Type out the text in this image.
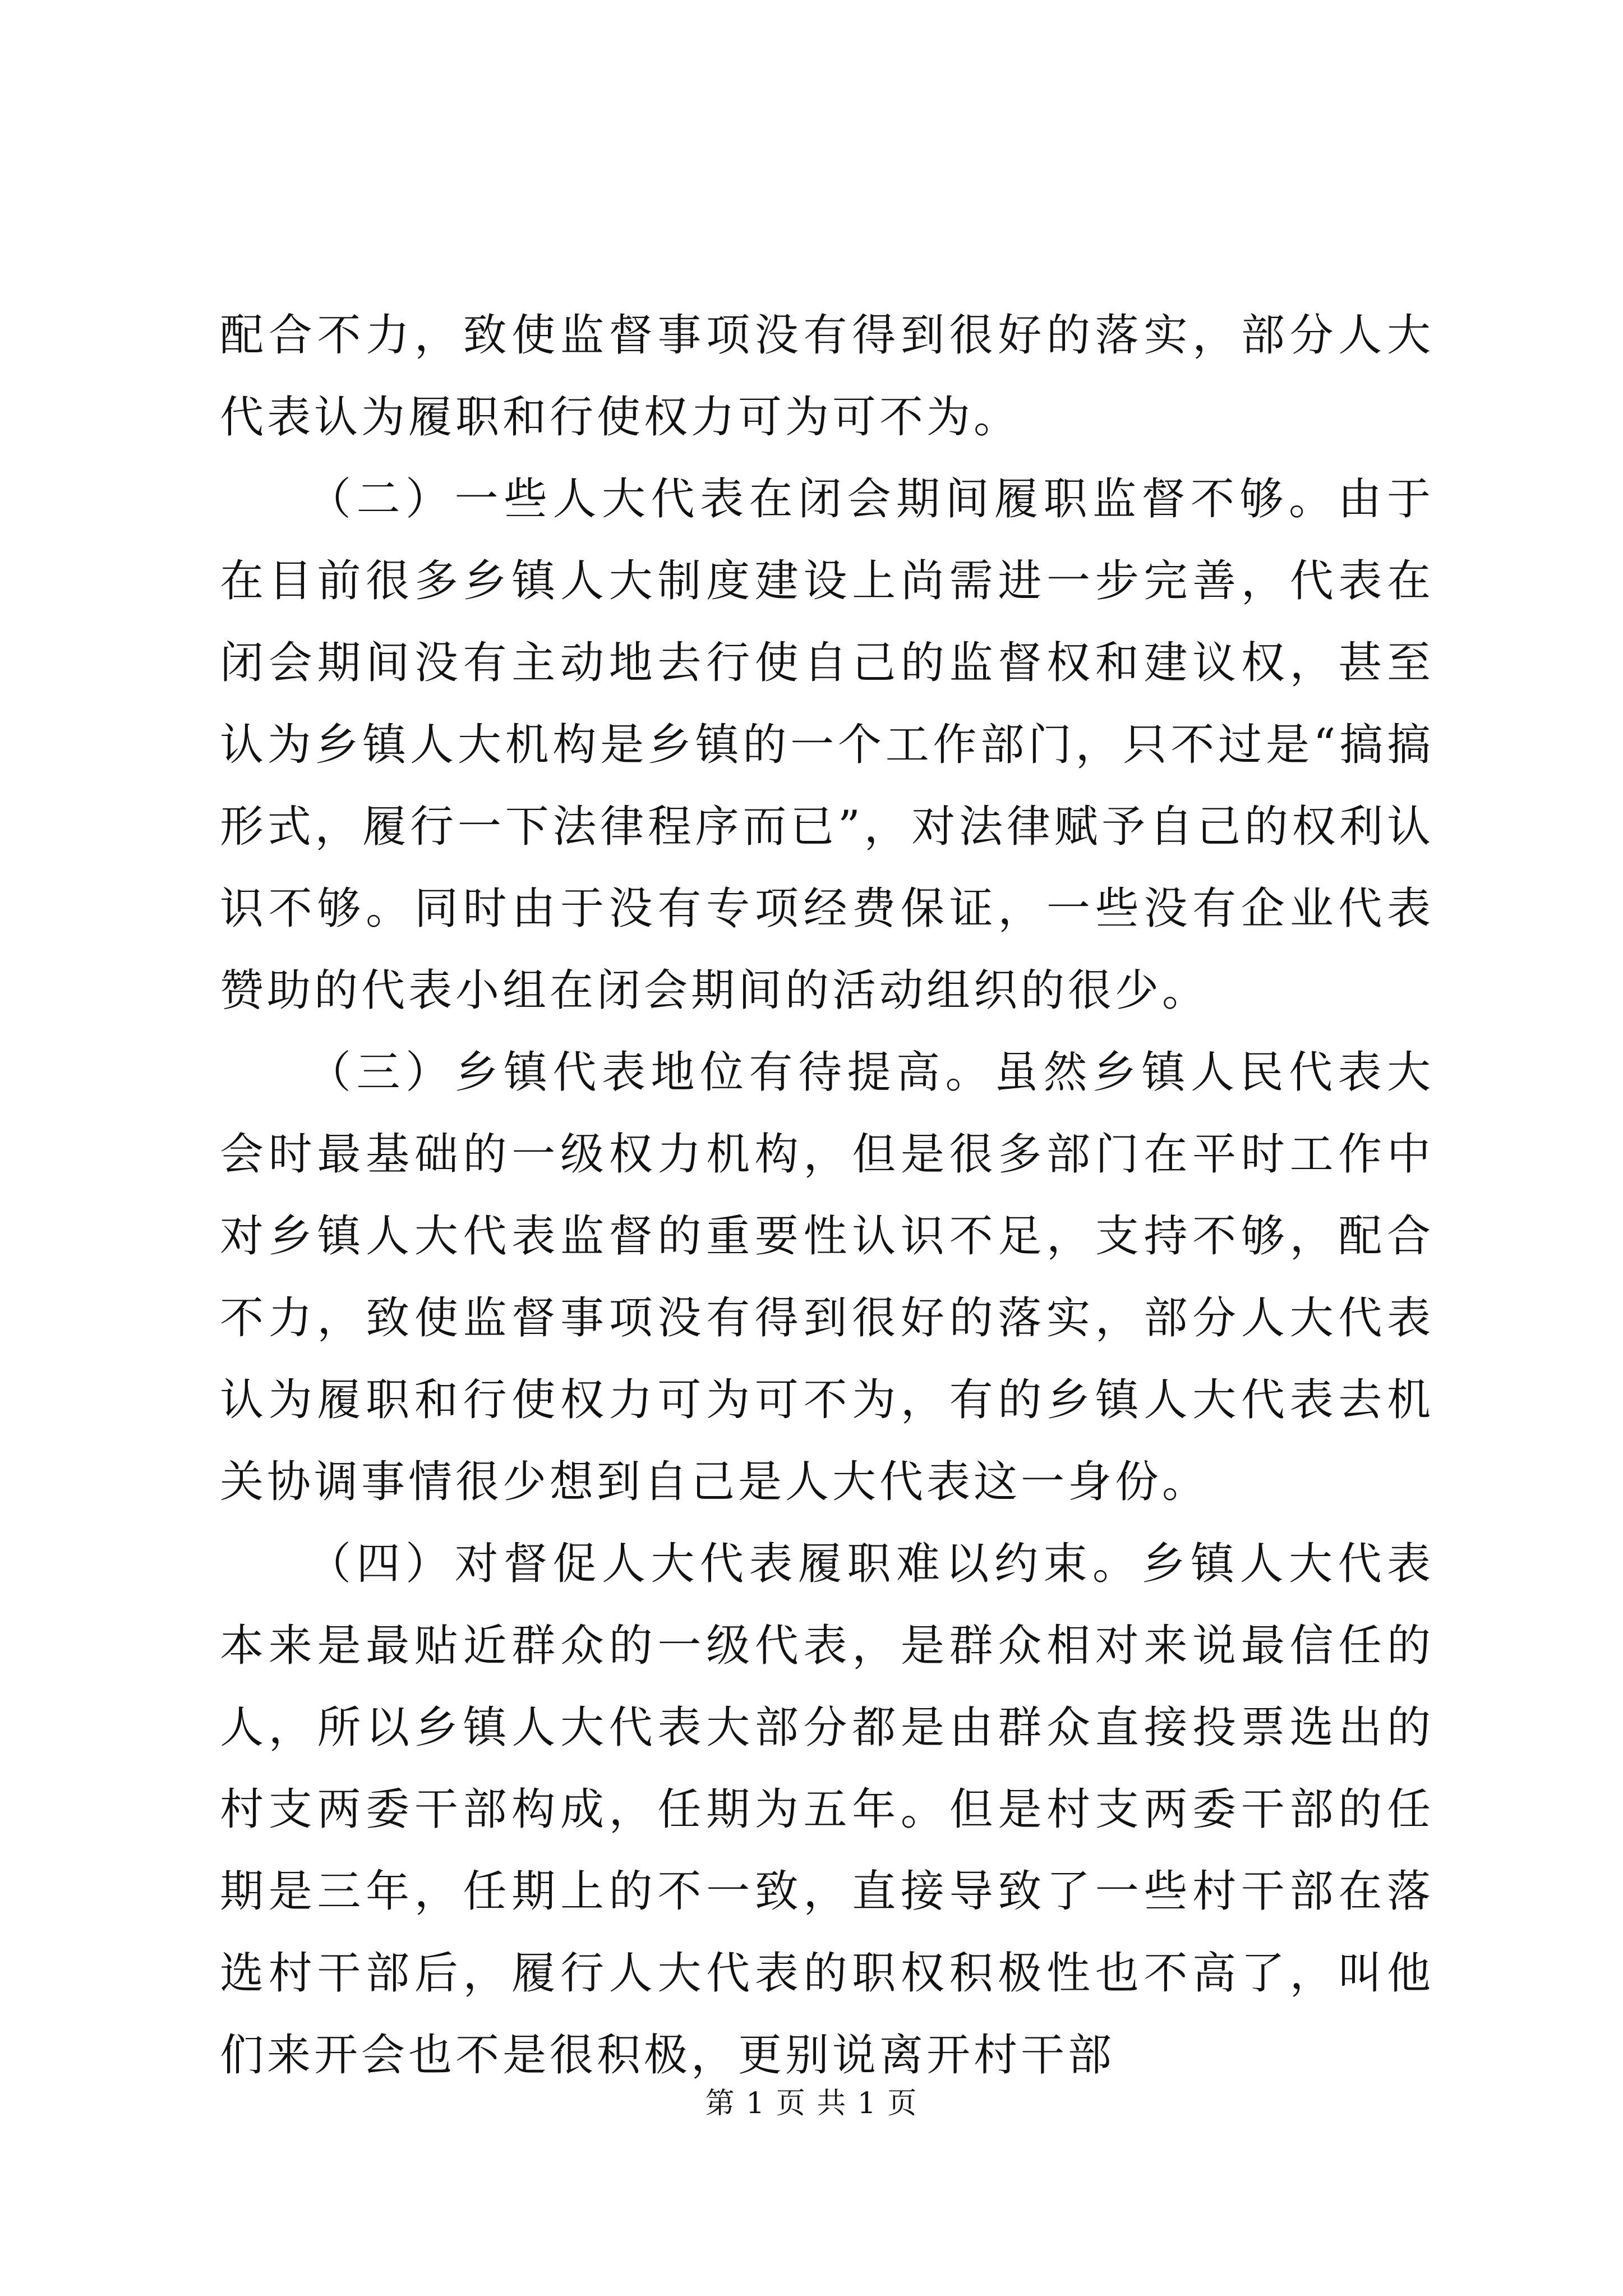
配合不力，致使监督事项没有得到很好的落实，部分人大代表认为履职和行使权力可为可不为。

（二）一些人大代表在闭会期间履职监督不够。由于在目前很多乡镇人大制度建设上尚需进一步完善，代表在闭会期间没有主动地去行使自己的监督权和建议权，甚至认为乡镇人大机构是乡镇的一个工作部门，只不过是“搞搞形式，履行一下法律程序而已”，对法律赋予自己的权利认识不够。同时由于没有专项经费保证，一些没有企业代表赞助的代表小组在闭会期间的活动组织的很少。

（三）乡镇代表地位有待提高。虽然乡镇人民代表大会时最基础的一级权力机构，但是很多部门在平时工作中对乡镇人大代表监督的重要性认识不足，支持不够，配合不力，致使监督事项没有得到很好的落实，部分人大代表认为履职和行使权力可为可不为，有的乡镇人大代表去机关协调事情很少想到自己是人大代表这一身份。

（四）对督促人大代表履职难以约束。乡镇人大代表本来是最贴近群众的一级代表，是群众相对来说最信任的人，所以乡镇人大代表大部分都是由群众直接投票选出的村支两委干部构成，任期为五年。但是村支两委干部的任期是三年，任期上的不一致，直接导致了一些村干部在落选村干部后，履行人大代表的职权积极性也不高了，叫他们来开会也不是很积极，更别说离开村干部

第 1 页 共 1 页
